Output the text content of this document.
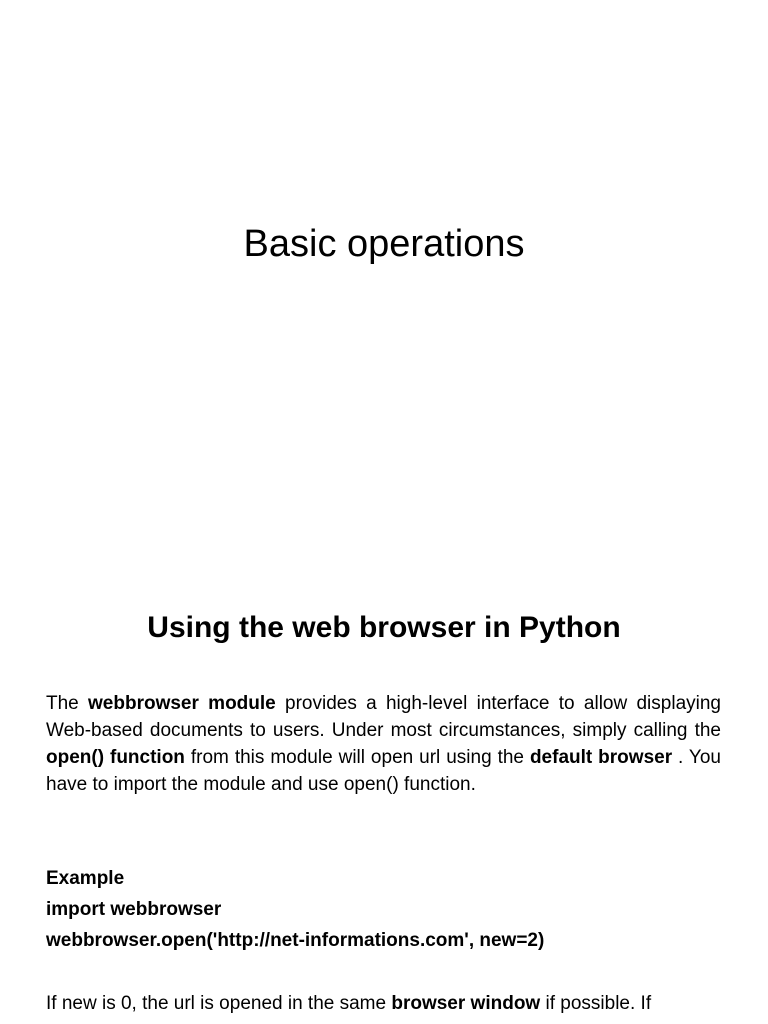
Basic operations
Using the web browser in Python

The webbrowser module provides a high-level interface to allow displaying Web-based documents to users. Under most circumstances, simply calling the open() function from this module will open url using the default browser . You have to import the module and use open() function.

Example
import webbrowser
webbrowser.open('http://net-informations.com', new=2)

If new is 0, the url is opened in the same browser window if possible. If
